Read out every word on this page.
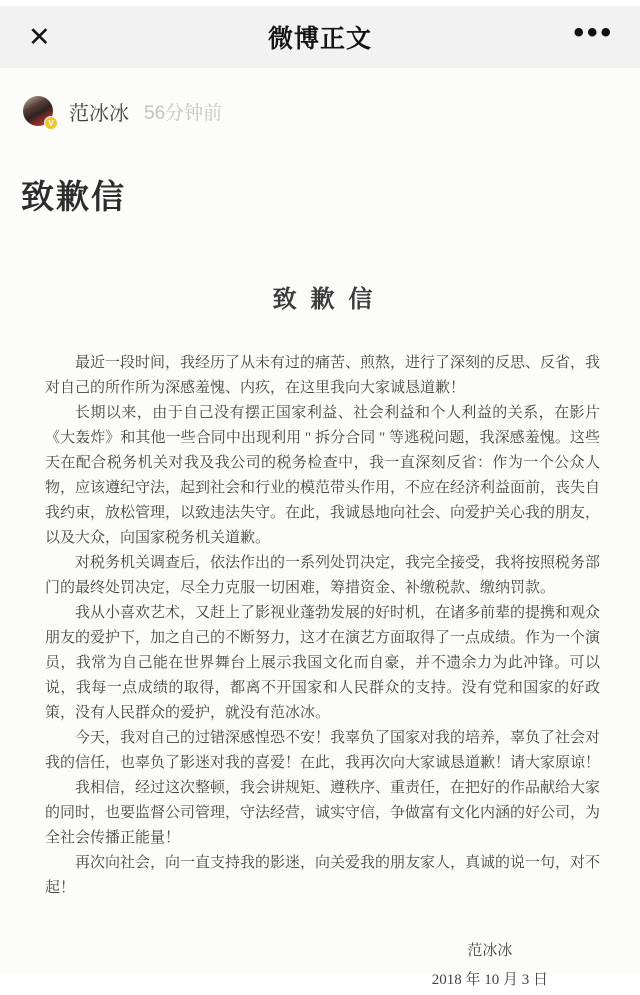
✕	微博正文	•••
V 范冰冰 56分钟前
致歉信
致歉信

最近一段时间，我经历了从未有过的痛苦、煎熬，进行了深刻的反思、反省，我对自己的所作所为深感羞愧、内疚，在这里我向大家诚恳道歉！

长期以来，由于自己没有摆正国家利益、社会利益和个人利益的关系，在影片《大轰炸》和其他一些合同中出现利用 " 拆分合同 " 等逃税问题，我深感羞愧。这些天在配合税务机关对我及我公司的税务检查中，我一直深刻反省：作为一个公众人物，应该遵纪守法，起到社会和行业的模范带头作用，不应在经济利益面前，丧失自我约束，放松管理，以致违法失守。在此，我诚恳地向社会、向爱护关心我的朋友，以及大众，向国家税务机关道歉。

对税务机关调查后，依法作出的一系列处罚决定，我完全接受，我将按照税务部门的最终处罚决定，尽全力克服一切困难，筹措资金、补缴税款、缴纳罚款。

我从小喜欢艺术，又赶上了影视业蓬勃发展的好时机，在诸多前辈的提携和观众朋友的爱护下，加之自己的不断努力，这才在演艺方面取得了一点成绩。作为一个演员，我常为自己能在世界舞台上展示我国文化而自豪，并不遗余力为此冲锋。可以说，我每一点成绩的取得，都离不开国家和人民群众的支持。没有党和国家的好政策，没有人民群众的爱护，就没有范冰冰。

今天，我对自己的过错深感惶恐不安！我辜负了国家对我的培养，辜负了社会对我的信任，也辜负了影迷对我的喜爱！在此，我再次向大家诚恳道歉！请大家原谅！

我相信，经过这次整顿，我会讲规矩、遵秩序、重责任，在把好的作品献给大家的同时，也要监督公司管理，守法经营，诚实守信，争做富有文化内涵的好公司，为全社会传播正能量！

再次向社会，向一直支持我的影迷，向关爱我的朋友家人，真诚的说一句，对不起！

范冰冰
2018 年 10 月 3 日
